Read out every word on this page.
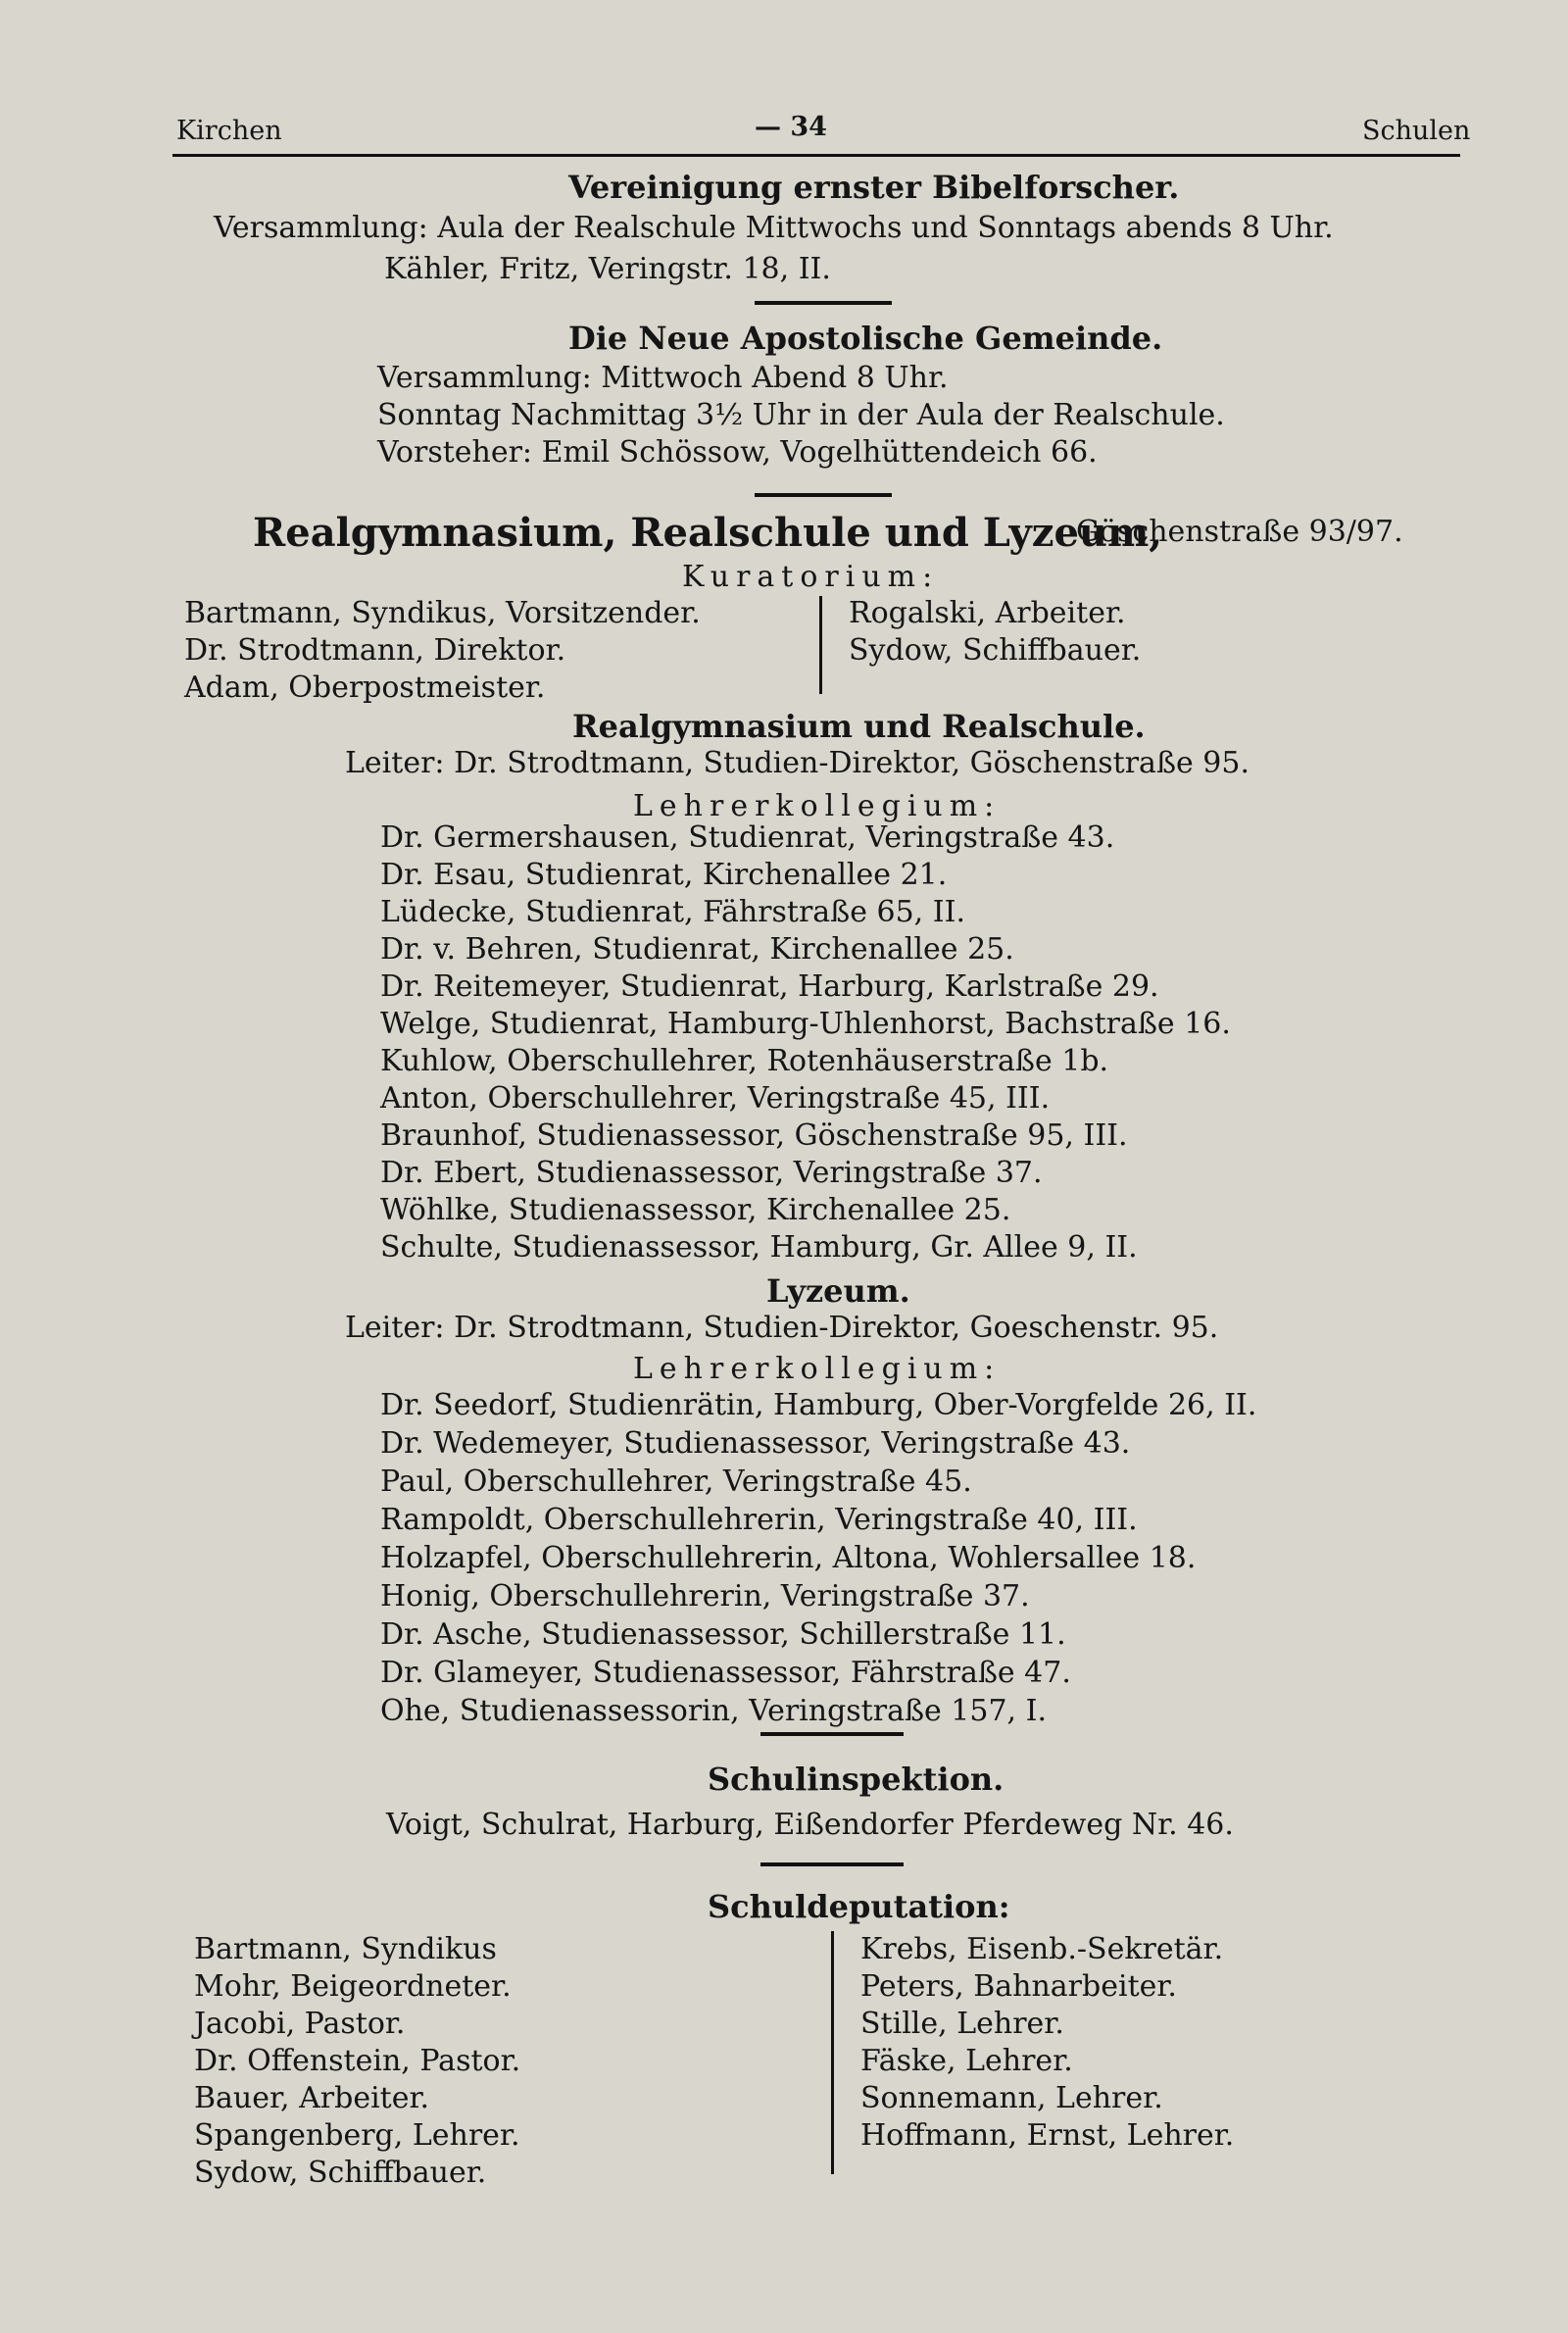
Kirchen	— 34	Schulen
Vereinigung ernster Bibelforscher.
Versammlung: Aula der Realschule Mittwochs und Sonntags abends 8 Uhr.
Kähler, Fritz, Veringstr. 18, II.
Die Neue Apostolische Gemeinde.
Versammlung: Mittwoch Abend 8 Uhr.
Sonntag Nachmittag 3½ Uhr in der Aula der Realschule.
Vorsteher: Emil Schössow, Vogelhüttendeich 66.
Realgymnasium, Realschule und Lyzeum,
Göschenstraße 93/97.
Kuratorium:
Bartmann, Syndikus, Vorsitzender.
Dr. Strodtmann, Direktor.
Adam, Oberpostmeister.
Rogalski, Arbeiter.
Sydow, Schiffbauer.
Realgymnasium und Realschule.
Leiter: Dr. Strodtmann, Studien-Direktor, Göschenstraße 95.
Lehrerkollegium:
Dr. Germershausen, Studienrat, Veringstraße 43.
Dr. Esau, Studienrat, Kirchenallee 21.
Lüdecke, Studienrat, Fährstraße 65, II.
Dr. v. Behren, Studienrat, Kirchenallee 25.
Dr. Reitemeyer, Studienrat, Harburg, Karlstraße 29.
Welge, Studienrat, Hamburg-Uhlenhorst, Bachstraße 16.
Kuhlow, Oberschullehrer, Rotenhäuserstraße 1b.
Anton, Oberschullehrer, Veringstraße 45, III.
Braunhof, Studienassessor, Göschenstraße 95, III.
Dr. Ebert, Studienassessor, Veringstraße 37.
Wöhlke, Studienassessor, Kirchenallee 25.
Schulte, Studienassessor, Hamburg, Gr. Allee 9, II.
Lyzeum.
Leiter: Dr. Strodtmann, Studien-Direktor, Goeschenstr. 95.
Lehrerkollegium:
Dr. Seedorf, Studienrätin, Hamburg, Ober-Vorgfelde 26, II.
Dr. Wedemeyer, Studienassessor, Veringstraße 43.
Paul, Oberschullehrer, Veringstraße 45.
Rampoldt, Oberschullehrerin, Veringstraße 40, III.
Holzapfel, Oberschullehrerin, Altona, Wohlersallee 18.
Honig, Oberschullehrerin, Veringstraße 37.
Dr. Asche, Studienassessor, Schillerstraße 11.
Dr. Glameyer, Studienassessor, Fährstraße 47.
Ohe, Studienassessorin, Veringstraße 157, I.
Schulinspektion.
Voigt, Schulrat, Harburg, Eißendorfer Pferdeweg Nr. 46.
Schuldeputation:
Bartmann, Syndikus
Mohr, Beigeordneter.
Jacobi, Pastor.
Dr. Offenstein, Pastor.
Bauer, Arbeiter.
Spangenberg, Lehrer.
Sydow, Schiffbauer.
Krebs, Eisenb.-Sekretär.
Peters, Bahnarbeiter.
Stille, Lehrer.
Fäske, Lehrer.
Sonnemann, Lehrer.
Hoffmann, Ernst, Lehrer.
